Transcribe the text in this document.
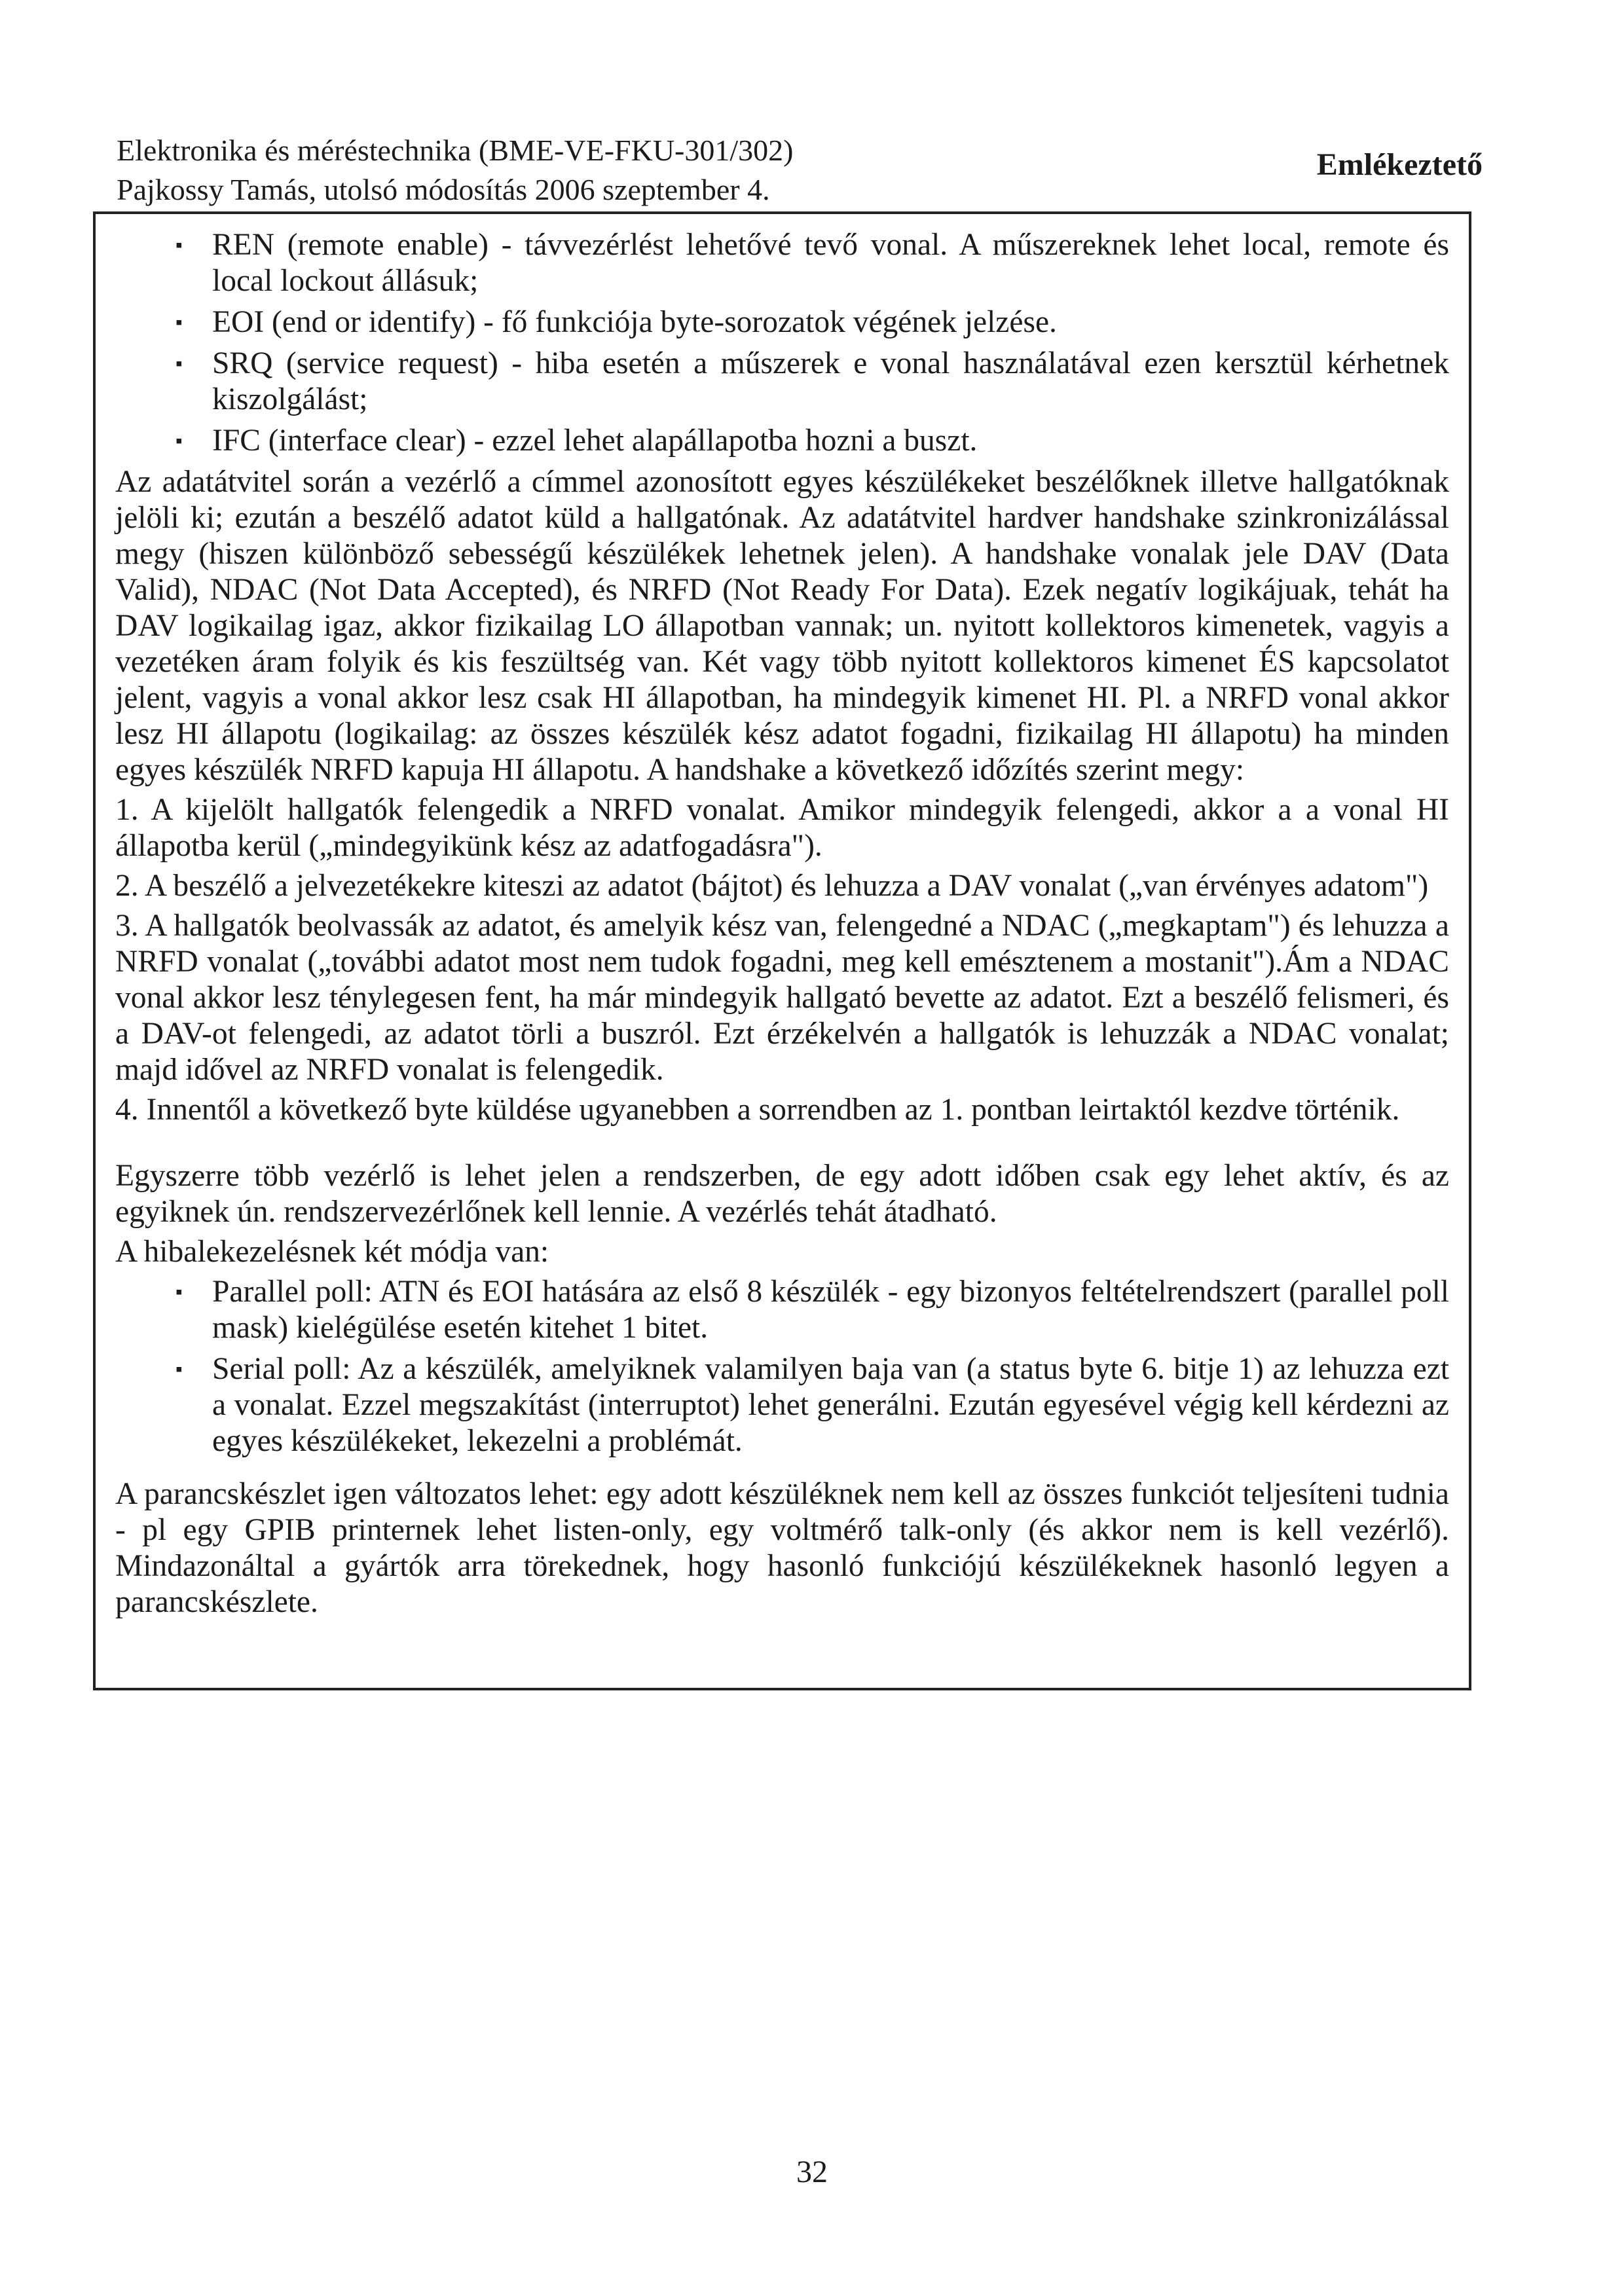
Elektronika és méréstechnika (BME-VE-FKU-301/302)
Pajkossy Tamás, utolsó módosítás 2006 szeptember 4.
Emlékeztető
▪ REN (remote enable) - távvezérlést lehetővé tevő vonal. A műszereknek lehet local, remote és local lockout állásuk;
▪ EOI (end or identify) - fő funkciója byte-sorozatok végének jelzése.
▪ SRQ (service request) - hiba esetén a műszerek e vonal használatával ezen kersztül kérhetnek kiszolgálást;
▪ IFC (interface clear) - ezzel lehet alapállapotba hozni a buszt.

Az adatátvitel során a vezérlő a címmel azonosított egyes készülékeket beszélőknek illetve hallgatóknak jelöli ki; ezután a beszélő adatot küld a hallgatónak. Az adatátvitel hardver handshake szinkronizálással megy (hiszen különböző sebességű készülékek lehetnek jelen). A handshake vonalak jele DAV (Data Valid), NDAC (Not Data Accepted), és NRFD (Not Ready For Data). Ezek negatív logikájuak, tehát ha DAV logikailag igaz, akkor fizikailag LO állapotban vannak; un. nyitott kollektoros kimenetek, vagyis a vezetéken áram folyik és kis feszültség van. Két vagy több nyitott kollektoros kimenet ÉS kapcsolatot jelent, vagyis a vonal akkor lesz csak HI állapotban, ha mindegyik kimenet HI. Pl. a NRFD vonal akkor lesz HI állapotu (logikailag: az összes készülék kész adatot fogadni, fizikailag HI állapotu) ha minden egyes készülék NRFD kapuja HI állapotu. A handshake a következő időzítés szerint megy:

1. A kijelölt hallgatók felengedik a NRFD vonalat. Amikor mindegyik felengedi, akkor a a vonal HI állapotba kerül („mindegyikünk kész az adatfogadásra").

2. A beszélő a jelvezetékekre kiteszi az adatot (bájtot) és lehuzza a DAV vonalat („van érvényes adatom")

3. A hallgatók beolvassák az adatot, és amelyik kész van, felengedné a NDAC („megkaptam") és lehuzza a NRFD vonalat („további adatot most nem tudok fogadni, meg kell emésztenem a mostanit").Ám a NDAC vonal akkor lesz ténylegesen fent, ha már mindegyik hallgató bevette az adatot. Ezt a beszélő felismeri, és a DAV-ot felengedi, az adatot törli a buszról. Ezt érzékelvén a hallgatók is lehuzzák a NDAC vonalat; majd idővel az NRFD vonalat is felengedik.

4. Innentől a következő byte küldése ugyanebben a sorrendben az 1. pontban leirtaktól kezdve történik.

Egyszerre több vezérlő is lehet jelen a rendszerben, de egy adott időben csak egy lehet aktív, és az egyiknek ún. rendszervezérlőnek kell lennie. A vezérlés tehát átadható.

A hibalekezelésnek két módja van:

▪ Parallel poll: ATN és EOI hatására az első 8 készülék - egy bizonyos feltételrendszert (parallel poll mask) kielégülése esetén kitehet 1 bitet.
▪ Serial poll: Az a készülék, amelyiknek valamilyen baja van (a status byte 6. bitje 1) az lehuzza ezt a vonalat. Ezzel megszakítást (interruptot) lehet generálni. Ezután egyesével végig kell kérdezni az egyes készülékeket, lekezelni a problémát.

A parancskészlet igen változatos lehet: egy adott készüléknek nem kell az összes funkciót teljesíteni tudnia - pl egy GPIB printernek lehet listen-only, egy voltmérő talk-only (és akkor nem is kell vezérlő). Mindazonáltal a gyártók arra törekednek, hogy hasonló funkciójú készülékeknek hasonló legyen a parancskészlete.

32
